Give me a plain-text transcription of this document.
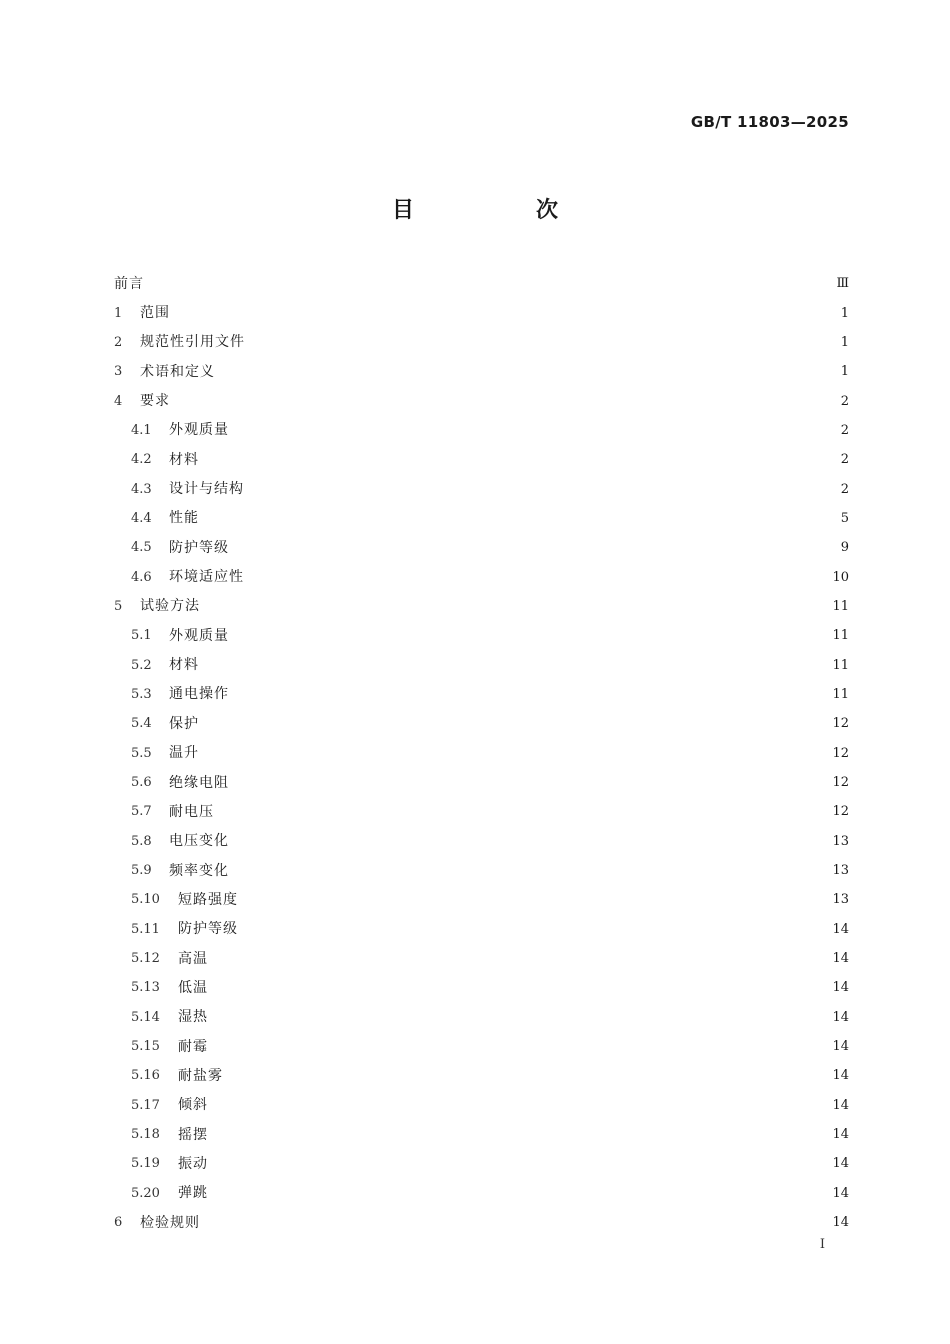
GB/T 11803—2025
目　次
前言	Ⅲ
1	范围	1
2	规范性引用文件	1
3	术语和定义	1
4	要求	2
4.1	外观质量	2
4.2	材料	2
4.3	设计与结构	2
4.4	性能	5
4.5	防护等级	9
4.6	环境适应性	10
5	试验方法	11
5.1	外观质量	11
5.2	材料	11
5.3	通电操作	11
5.4	保护	12
5.5	温升	12
5.6	绝缘电阻	12
5.7	耐电压	12
5.8	电压变化	13
5.9	频率变化	13
5.10	短路强度	13
5.11	防护等级	14
5.12	高温	14
5.13	低温	14
5.14	湿热	14
5.15	耐霉	14
5.16	耐盐雾	14
5.17	倾斜	14
5.18	摇摆	14
5.19	振动	14
5.20	弹跳	14
6	检验规则	14
I
